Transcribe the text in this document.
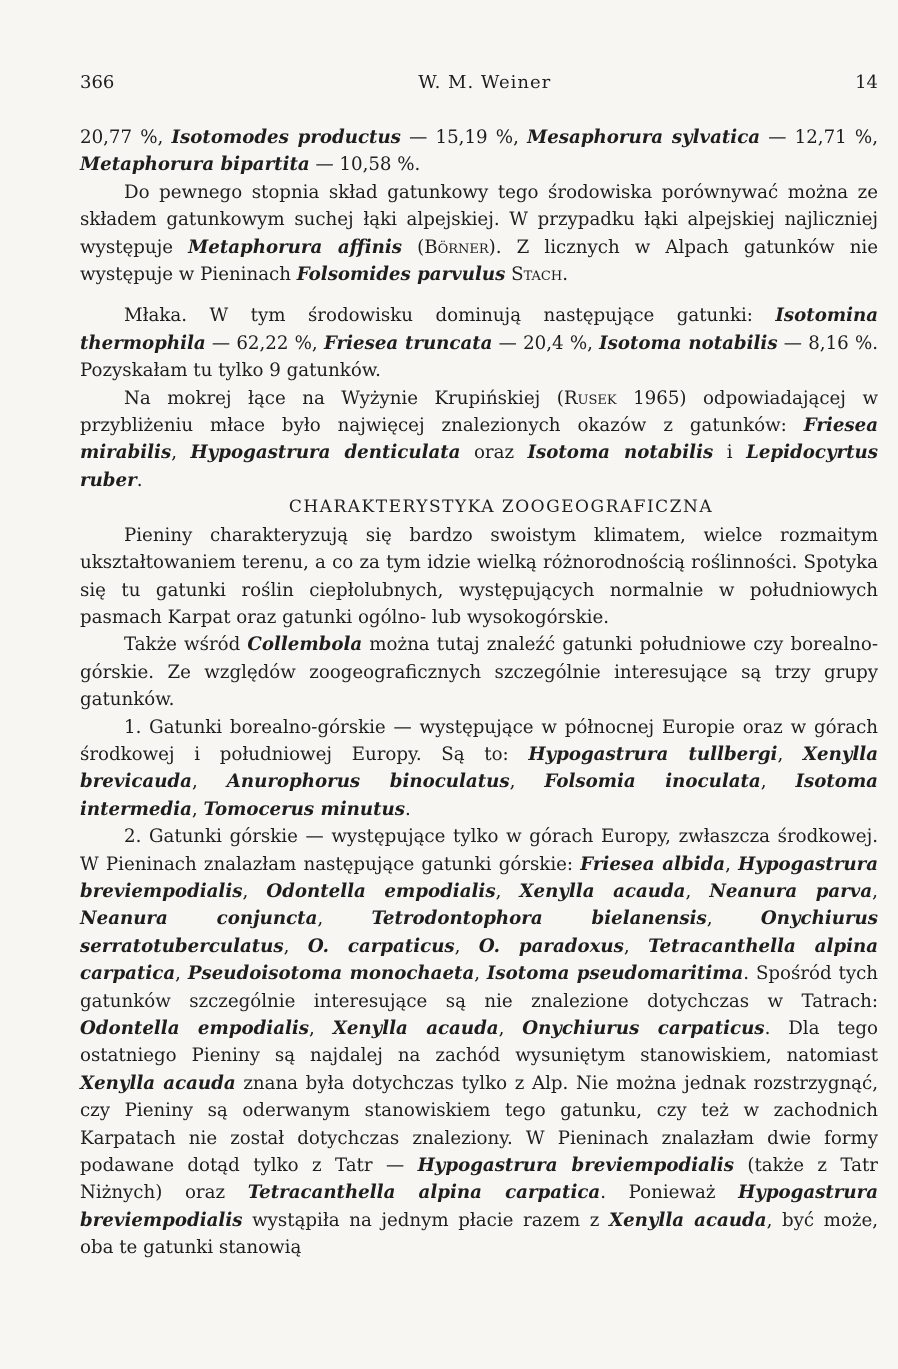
366	W. M. Weiner	14

20,77 %, Isotomodes productus — 15,19 %, Mesaphorura sylvatica — 12,71 %, Metaphorura bipartita — 10,58 %.

Do pewnego stopnia skład gatunkowy tego środowiska porównywać można ze składem gatunkowym suchej łąki alpejskiej. W przypadku łąki alpejskiej najliczniej występuje Metaphorura affinis (Börner). Z licznych w Alpach gatunków nie występuje w Pieninach Folsomides parvulus Stach.

Młaka. W tym środowisku dominują następujące gatunki: Isotomina thermophila — 62,22 %, Friesea truncata — 20,4 %, Isotoma notabilis — 8,16 %. Pozyskałam tu tylko 9 gatunków.

Na mokrej łące na Wyżynie Krupińskiej (Rusek 1965) odpowiadającej w przybliżeniu młace było najwięcej znalezionych okazów z gatunków: Friesea mirabilis, Hypogastrura denticulata oraz Isotoma notabilis i Lepidocyrtus ruber.

CHARAKTERYSTYKA ZOOGEOGRAFICZNA

Pieniny charakteryzują się bardzo swoistym klimatem, wielce rozmaitym ukształtowaniem terenu, a co za tym idzie wielką różnorodnością roślinności. Spotyka się tu gatunki roślin ciepłolubnych, występujących normalnie w południowych pasmach Karpat oraz gatunki ogólno- lub wysokogórskie.

Także wśród Collembola można tutaj znaleźć gatunki południowe czy borealno-górskie. Ze względów zoogeograficznych szczególnie interesujące są trzy grupy gatunków.

1. Gatunki borealno-górskie — występujące w północnej Europie oraz w górach środkowej i południowej Europy. Są to: Hypogastrura tullbergi, Xenylla brevicauda, Anurophorus binoculatus, Folsomia inoculata, Isotoma intermedia, Tomocerus minutus.

2. Gatunki górskie — występujące tylko w górach Europy, zwłaszcza środkowej. W Pieninach znalazłam następujące gatunki górskie: Friesea albida, Hypogastrura breviempodialis, Odontella empodialis, Xenylla acauda, Neanura parva, Neanura conjuncta, Tetrodontophora bielanensis, Onychiurus serratotuberculatus, O. carpaticus, O. paradoxus, Tetracanthella alpina carpatica, Pseudoisotoma monochaeta, Isotoma pseudomaritima. Spośród tych gatunków szczególnie interesujące są nie znalezione dotychczas w Tatrach: Odontella empodialis, Xenylla acauda, Onychiurus carpaticus. Dla tego ostatniego Pieniny są najdalej na zachód wysuniętym stanowiskiem, natomiast Xenylla acauda znana była dotychczas tylko z Alp. Nie można jednak rozstrzygnąć, czy Pieniny są oderwanym stanowiskiem tego gatunku, czy też w zachodnich Karpatach nie został dotychczas znaleziony. W Pieninach znalazłam dwie formy podawane dotąd tylko z Tatr — Hypogastrura breviempodialis (także z Tatr Niżnych) oraz Tetracanthella alpina carpatica. Ponieważ Hypogastrura breviempodialis wystąpiła na jednym płacie razem z Xenylla acauda, być może, oba te gatunki stanowią
